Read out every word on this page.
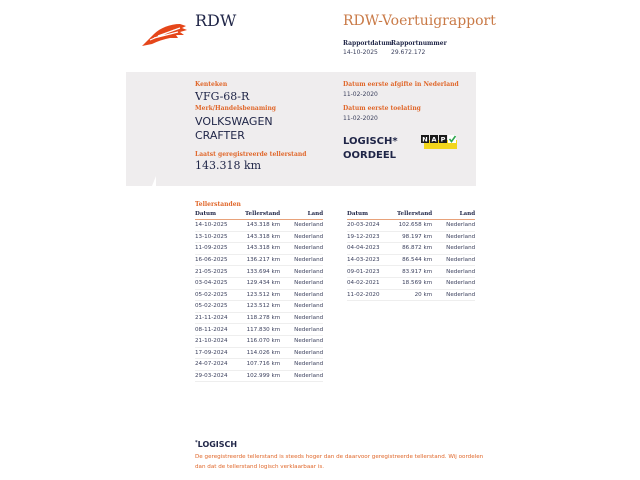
RDW	RDW-Voertuigrapport
Rapportdatum
14-10-2025
Rapportnummer
29.672.172
Kenteken
VFG-68-R
Merk/Handelsbenaming
VOLKSWAGEN
CRAFTER
Laatst geregistreerde tellerstand
143.318 km
Datum eerste afgifte in Nederland
11-02-2020
Datum eerste toelating
11-02-2020
LOGISCH*
OORDEEL
N A P
Tellerstanden
Datum	Tellerstand	Land
14-10-2025	143.318 km	Nederland
13-10-2025	143.318 km	Nederland
11-09-2025	143.318 km	Nederland
16-06-2025	136.217 km	Nederland
21-05-2025	133.694 km	Nederland
03-04-2025	129.434 km	Nederland
05-02-2025	123.512 km	Nederland
05-02-2025	123.512 km	Nederland
21-11-2024	118.278 km	Nederland
08-11-2024	117.830 km	Nederland
21-10-2024	116.070 km	Nederland
17-09-2024	114.026 km	Nederland
24-07-2024	107.716 km	Nederland
29-03-2024	102.999 km	Nederland
Datum	Tellerstand	Land
20-03-2024	102.658 km	Nederland
19-12-2023	98.197 km	Nederland
04-04-2023	86.872 km	Nederland
14-03-2023	86.544 km	Nederland
09-01-2023	83.917 km	Nederland
04-02-2021	18.569 km	Nederland
11-02-2020	20 km	Nederland
*LOGISCH
De geregistreerde tellerstand is steeds hoger dan de daarvoor geregistreerde tellerstand. Wij oordelen dan dat de tellerstand logisch verklaarbaar is.
